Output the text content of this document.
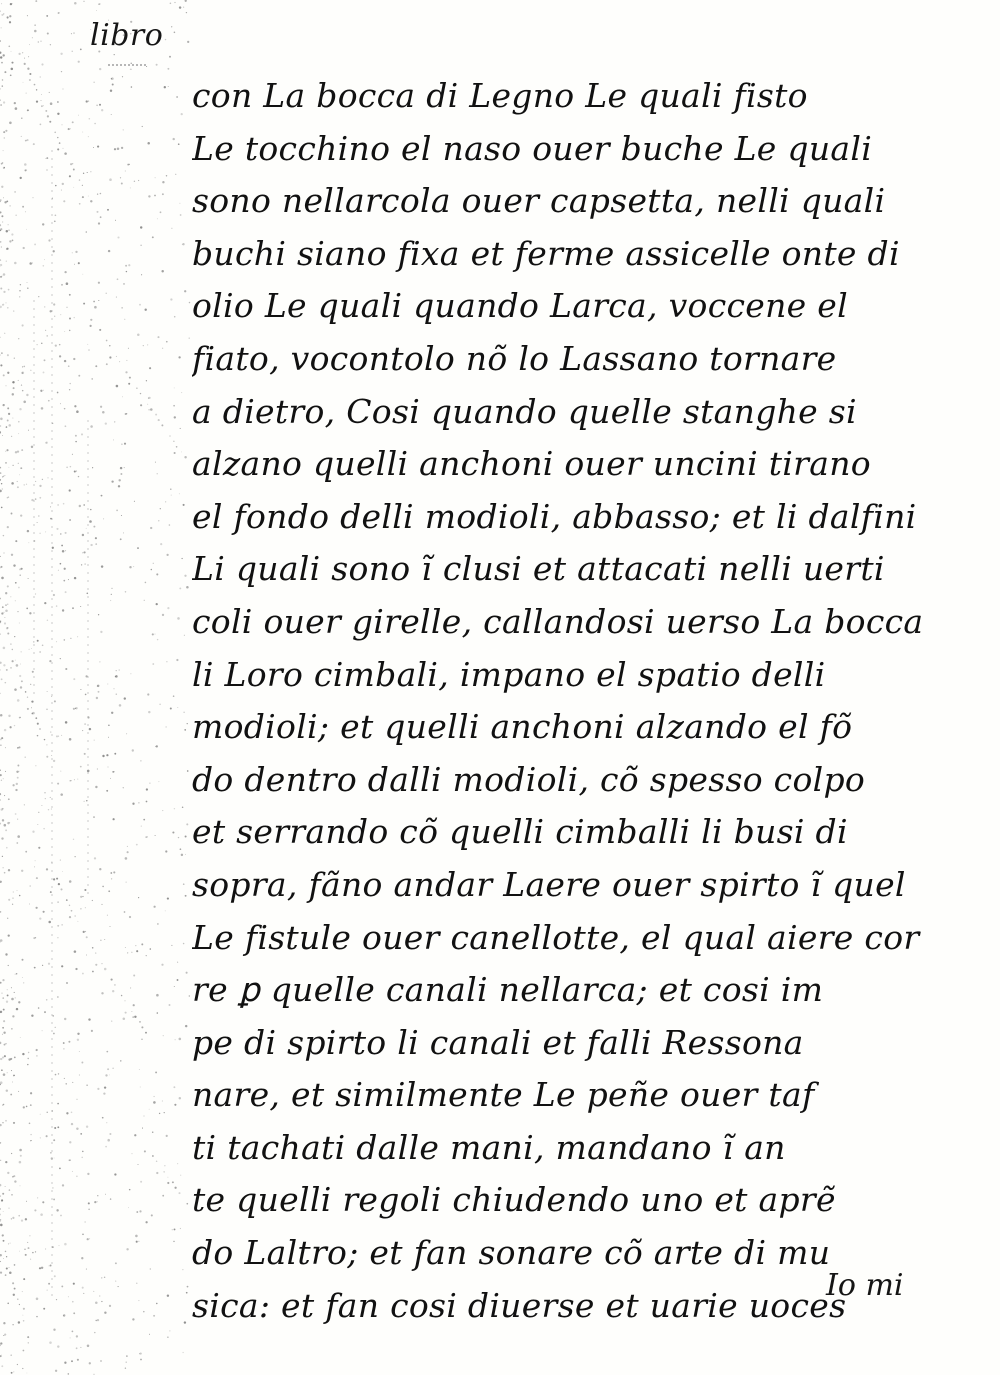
libro
con La bocca di Legno Le quali fisto
Le tocchino el naso ouer buche Le quali
sono nellarcola ouer capsetta, nelli quali
buchi siano fixa et ferme assicelle onte di
olio Le quali quando Larca, voccene el
fiato, vocontolo nõ lo Lassano tornare
a dietro, Cosi quando quelle stanghe si
alzano quelli anchoni ouer uncini tirano
el fondo delli modioli, abbasso; et li dalfini
Li quali sono ĩ clusi et attacati nelli uerti
coli ouer girelle, callandosi uerso La bocca
li Loro cimbali, impano el spatio delli
modioli; et quelli anchoni alzando el fõ
do dentro dalli modioli, cõ spesso colpo
et serrando cõ quelli cimballi li busi di
sopra, fãno andar Laere ouer spirto ĩ quel
Le fistule ouer canellotte, el qual aiere cor
re ꝑ quelle canali nellarca; et cosi im
pe di spirto li canali et falli Ressona
nare, et similmente Le peñe ouer taf
ti tachati dalle mani, mandano ĩ an
te quelli regoli chiudendo uno et aprẽ
do Laltro; et fan sonare cõ arte di mu
sica: et fan cosi diuerse et uarie uoces
Io mi
